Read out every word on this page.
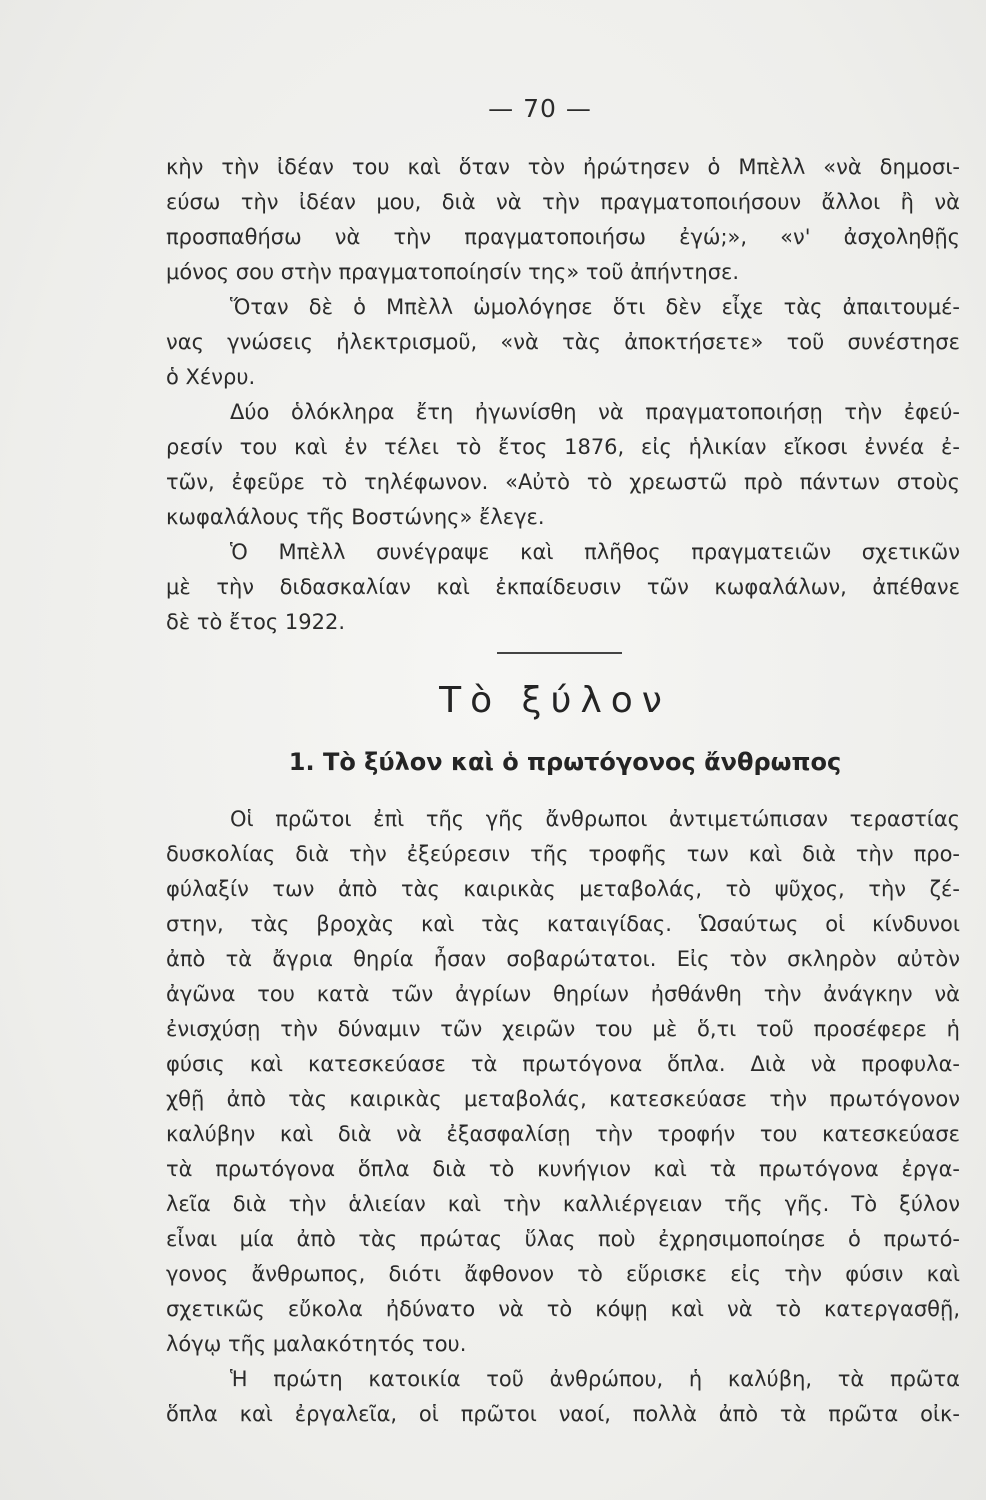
— 70 —
κὴν τὴν ἰδέαν του καὶ ὅταν τὸν ἠρώτησεν ὁ Μπὲλλ «νὰ δημοσι-
εύσω τὴν ἰδέαν μου, διὰ νὰ τὴν πραγματοποιήσουν ἄλλοι ἢ νὰ
προσπαθήσω νὰ τὴν πραγματοποιήσω ἐγώ;», «ν' ἀσχοληθῇς
μόνος σου στὴν πραγματοποίησίν της» τοῦ ἀπήντησε.
Ὅταν δὲ ὁ Μπὲλλ ὡμολόγησε ὅτι δὲν εἶχε τὰς ἀπαιτουμέ-
νας γνώσεις ἠλεκτρισμοῦ, «νὰ τὰς ἀποκτήσετε» τοῦ συνέστησε
ὁ Χένρυ.
Δύο ὁλόκληρα ἔτη ἠγωνίσθη νὰ πραγματοποιήσῃ τὴν ἐφεύ-
ρεσίν του καὶ ἐν τέλει τὸ ἔτος 1876, εἰς ἡλικίαν εἴκοσι ἐννέα ἐ-
τῶν, ἐφεῦρε τὸ τηλέφωνον. «Αὐτὸ τὸ χρεωστῶ πρὸ πάντων στοὺς
κωφαλάλους τῆς Βοστώνης» ἔλεγε.
Ὁ Μπὲλλ συνέγραψε καὶ πλῆθος πραγματειῶν σχετικῶν
μὲ τὴν διδασκαλίαν καὶ ἐκπαίδευσιν τῶν κωφαλάλων, ἀπέθανε
δὲ τὸ ἔτος 1922.
Τὸ ξύλον
1. Τὸ ξύλον καὶ ὁ πρωτόγονος ἄνθρωπος
Οἱ πρῶτοι ἐπὶ τῆς γῆς ἄνθρωποι ἀντιμετώπισαν τεραστίας
δυσκολίας διὰ τὴν ἐξεύρεσιν τῆς τροφῆς των καὶ διὰ τὴν προ-
φύλαξίν των ἀπὸ τὰς καιρικὰς μεταβολάς, τὸ ψῦχος, τὴν ζέ-
στην, τὰς βροχὰς καὶ τὰς καταιγίδας. Ὡσαύτως οἱ κίνδυνοι
ἀπὸ τὰ ἄγρια θηρία ἦσαν σοβαρώτατοι. Εἰς τὸν σκληρὸν αὐτὸν
ἀγῶνα του κατὰ τῶν ἀγρίων θηρίων ἠσθάνθη τὴν ἀνάγκην νὰ
ἐνισχύσῃ τὴν δύναμιν τῶν χειρῶν του μὲ ὅ,τι τοῦ προσέφερε ἡ
φύσις καὶ κατεσκεύασε τὰ πρωτόγονα ὅπλα. Διὰ νὰ προφυλα-
χθῇ ἀπὸ τὰς καιρικὰς μεταβολάς, κατεσκεύασε τὴν πρωτόγονον
καλύβην καὶ διὰ νὰ ἐξασφαλίσῃ τὴν τροφήν του κατεσκεύασε
τὰ πρωτόγονα ὅπλα διὰ τὸ κυνήγιον καὶ τὰ πρωτόγονα ἐργα-
λεῖα διὰ τὴν ἁλιείαν καὶ τὴν καλλιέργειαν τῆς γῆς. Τὸ ξύλον
εἶναι μία ἀπὸ τὰς πρώτας ὕλας ποὺ ἐχρησιμοποίησε ὁ πρωτό-
γονος ἄνθρωπος, διότι ἄφθονον τὸ εὕρισκε εἰς τὴν φύσιν καὶ
σχετικῶς εὔκολα ἠδύνατο νὰ τὸ κόψῃ καὶ νὰ τὸ κατεργασθῇ,
λόγῳ τῆς μαλακότητός του.
Ἡ πρώτη κατοικία τοῦ ἀνθρώπου, ἡ καλύβη, τὰ πρῶτα
ὅπλα καὶ ἐργαλεῖα, οἱ πρῶτοι ναοί, πολλὰ ἀπὸ τὰ πρῶτα οἰκ-
